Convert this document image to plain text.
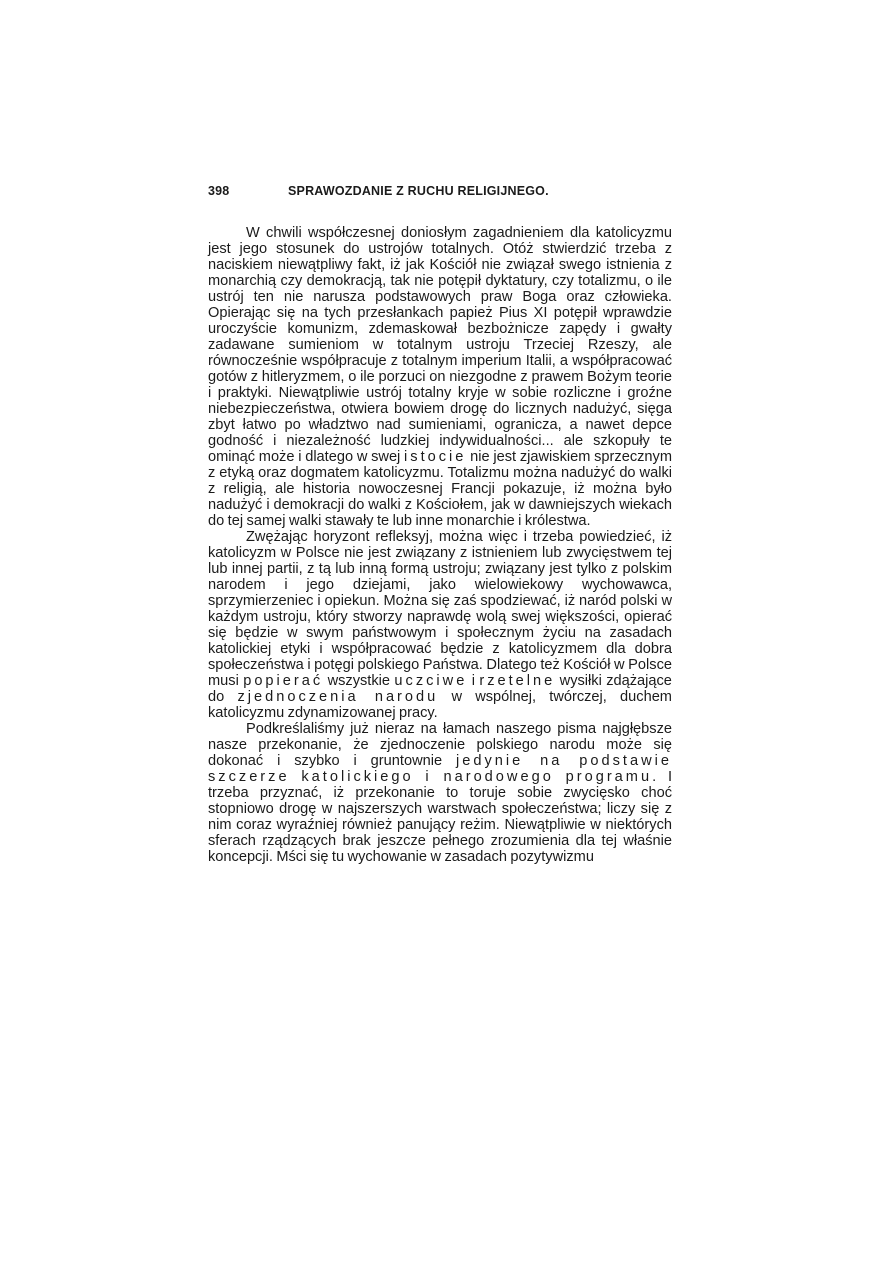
398	SPRAWOZDANIE Z RUCHU RELIGIJNEGO.

W chwili współczesnej doniosłym zagadnieniem dla katolicyzmu jest jego stosunek do ustrojów totalnych. Otóż stwierdzić trzeba z naciskiem niewątpliwy fakt, iż jak Kościół nie związał swego istnienia z monarchią czy demokracją, tak nie potępił dyktatury, czy totalizmu, o ile ustrój ten nie narusza podstawowych praw Boga oraz człowieka. Opierając się na tych przesłankach papież Pius XI potępił wprawdzie uroczyście komunizm, zdemaskował bezbożnicze zapędy i gwałty zadawane sumieniom w totalnym ustroju Trzeciej Rzeszy, ale równocześnie współpracuje z totalnym imperium Italii, a współpracować gotów z hitleryzmem, o ile porzuci on niezgodne z prawem Bożym teorie i praktyki. Niewątpliwie ustrój totalny kryje w sobie rozliczne i groźne niebezpieczeństwa, otwiera bowiem drogę do licznych nadużyć, sięga zbyt łatwo po władztwo nad sumieniami, ogranicza, a nawet depce godność i niezależność ludzkiej indywidualności... ale szkopuły te ominąć może i dlatego w swej istocie nie jest zjawiskiem sprzecznym z etyką oraz dogmatem katolicyzmu. Totalizmu można nadużyć do walki z religią, ale historia nowoczesnej Francji pokazuje, iż można było nadużyć i demokracji do walki z Kościołem, jak w dawniejszych wiekach do tej samej walki stawały te lub inne monarchie i królestwa.

Zwężając horyzont refleksyj, można więc i trzeba powiedzieć, iż katolicyzm w Polsce nie jest związany z istnieniem lub zwycięstwem tej lub innej partii, z tą lub inną formą ustroju; związany jest tylko z polskim narodem i jego dziejami, jako wielowiekowy wychowawca, sprzymierzeniec i opiekun. Można się zaś spodziewać, iż naród polski w każdym ustroju, który stworzy naprawdę wolą swej większości, opierać się będzie w swym państwowym i społecznym życiu na zasadach katolickiej etyki i współpracować będzie z katolicyzmem dla dobra społeczeństwa i potęgi polskiego Państwa. Dlatego też Kościół w Polsce musi popierać wszystkie uczciwe i rzetelne wysiłki zdążające do zjednoczenia narodu w wspólnej, twórczej, duchem katolicyzmu zdynamizowanej pracy.

Podkreślaliśmy już nieraz na łamach naszego pisma najgłębsze nasze przekonanie, że zjednoczenie polskiego narodu może się dokonać i szybko i gruntownie jedynie na podstawie szczerze katolickiego i narodowego programu. I trzeba przyznać, iż przekonanie to toruje sobie zwycięsko choć stopniowo drogę w najszerszych warstwach społeczeństwa; liczy się z nim coraz wyraźniej również panujący reżim. Niewątpliwie w niektórych sferach rządzących brak jeszcze pełnego zrozumienia dla tej właśnie koncepcji. Mści się tu wychowanie w zasadach pozytywizmu
